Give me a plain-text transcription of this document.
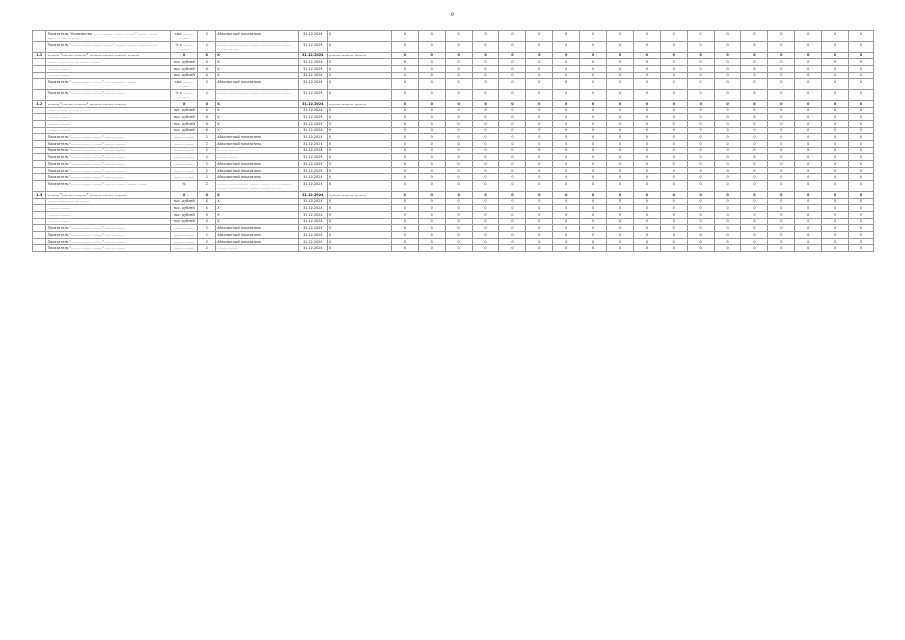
9
	Показатель "Количество ......... ......... ......... ........." ......... ......... ......... ......... .........	тыс. ......... .........	2	Абсолютный показатель	31.12.2024	0	0	0	0	0	0	0	0	0	0	0	0	0	0	0	0	0	0	0
	Показатель "......... ......... ......... ........." ......... ......... ......... .........	% к ......... .........	2	......... ......... ......... ......... ......... ......... ......... ......... .........	31.12.2024	0	0	0	0	0	0	0	0	0	0	0	0	0	0	0	0	0	0	0
1.1	......... "......... ........." ......... ......... ......... .........	X	X	X	31.12.2024	......... ......... .........	0	0	0	0	0	0	0	0	0	0	0	0	0	0	0	0	0	0
	......... ......... ......... ......... .........	тыс. рублей	X	X	31.12.2024	0	0	0	0	0	0	0	0	0	0	0	0	0	0	0	0	0	0	0
	- ......... .........	тыс. рублей	X	X	31.12.2024	0	0	0	0	0	0	0	0	0	0	0	0	0	0	0	0	0	0	0
	- ......... .........	тыс. рублей	X	X	31.12.2024	0	0	0	0	0	0	0	0	0	0	0	0	0	0	0	0	0	0	0
	Показатель "......... ......... ........." ......... ......... .........	тыс. ......... .........	2	Абсолютный показатель	31.12.2024	0	0	0	0	0	0	0	0	0	0	0	0	0	0	0	0	0	0	0
	Показатель "......... ......... ........." ......... .........	% к ......... .........	2	......... ......... ......... ......... ......... ......... .........	31.12.2024	0	0	0	0	0	0	0	0	0	0	0	0	0	0	0	0	0	0	0
1.2	......... "......... ........." ......... ......... .........	X	X	X	31.12.2024	......... ......... .........	0	0	0	0	0	0	0	0	0	0	0	0	0	0	0	0	0	0
	......... ......... ......... .........	тыс. рублей	X	X	31.12.2024	0	0	0	0	0	0	0	0	0	0	0	0	0	0	0	0	0	0	0
	- ......... .........	тыс. рублей	X	X	31.12.2024	0	0	0	0	0	0	0	0	0	0	0	0	0	0	0	0	0	0	0
	- ......... .........	тыс. рублей	X	X	31.12.2024	0	0	0	0	0	0	0	0	0	0	0	0	0	0	0	0	0	0	0
	- ......... .........	тыс. рублей	X	X	31.12.2024	0	0	0	0	0	0	0	0	0	0	0	0	0	0	0	0	0	0	0
	Показатель "......... ......... ........." ......... .........	......... .........	2	Абсолютный показатель	31.12.2024	0	0	0	0	0	0	0	0	0	0	0	0	0	0	0	0	0	0	0
	Показатель "......... ......... ........." ......... .........	......... .........	2	Абсолютный показатель	31.12.2024	0	0	0	0	0	0	0	0	0	0	0	0	0	0	0	0	0	0	0
	Показатель "......... ......... ........." ......... .........	......... .........	2	......... .........	31.12.2024	0	0	0	0	0	0	0	0	0	0	0	0	0	0	0	0	0	0	0
	Показатель "......... ......... ........." ......... .........	......... .........	2	......... .........	31.12.2024	0	0	0	0	0	0	0	0	0	0	0	0	0	0	0	0	0	0	0
	Показатель "......... ......... ........." ......... .........	......... .........	2	Абсолютный показатель	31.12.2024	0	0	0	0	0	0	0	0	0	0	0	0	0	0	0	0	0	0	0
	Показатель "......... ......... ........." ......... .........	......... .........	2	Абсолютный показатель	31.12.2024	0	0	0	0	0	0	0	0	0	0	0	0	0	0	0	0	0	0	0
	Показатель "......... ......... ........." ......... .........	......... .........	2	Абсолютный показатель	31.12.2024	0	0	0	0	0	0	0	0	0	0	0	0	0	0	0	0	0	0	0
	Показатель "......... ......... ........." ......... ......... ......... .........	%	2	......... ......... ......... ......... ......... ......... ......... ......... ......... ......... ......... ......... .........	31.12.2024	0	0	0	0	0	0	0	0	0	0	0	0	0	0	0	0	0	0	0
1.3	......... "......... ........." ......... ......... .........	X	X	X	31.12.2024	......... ......... .........	0	0	0	0	0	0	0	0	0	0	0	0	0	0	0	0	0	0
	......... ......... ......... .........	тыс. рублей	X	X	31.12.2024	0	0	0	0	0	0	0	0	0	0	0	0	0	0	0	0	0	0	0
	- ......... .........	тыс. рублей	X	X	31.12.2024	0	0	0	0	0	0	0	0	0	0	0	0	0	0	0	0	0	0	0
	- ......... .........	тыс. рублей	X	X	31.12.2024	0	0	0	0	0	0	0	0	0	0	0	0	0	0	0	0	0	0	0
	- ......... .........	тыс. рублей	X	X	31.12.2024	0	0	0	0	0	0	0	0	0	0	0	0	0	0	0	0	0	0	0
	Показатель "......... ......... ........." ......... .........	......... .........	2	Абсолютный показатель	31.12.2024	0	0	0	0	0	0	0	0	0	0	0	0	0	0	0	0	0	0	0
	Показатель "......... ......... ........." ......... .........	......... .........	2	Абсолютный показатель	31.12.2024	0	0	0	0	0	0	0	0	0	0	0	0	0	0	0	0	0	0	0
	Показатель "......... ......... ........." ......... .........	......... .........	2	Абсолютный показатель	31.12.2024	0	0	0	0	0	0	0	0	0	0	0	0	0	0	0	0	0	0	0
	Показатель "......... ......... ........." ......... .........	......... .........	2	......... .........	31.12.2024	0	0	0	0	0	0	0	0	0	0	0	0	0	0	0	0	0	0	0
